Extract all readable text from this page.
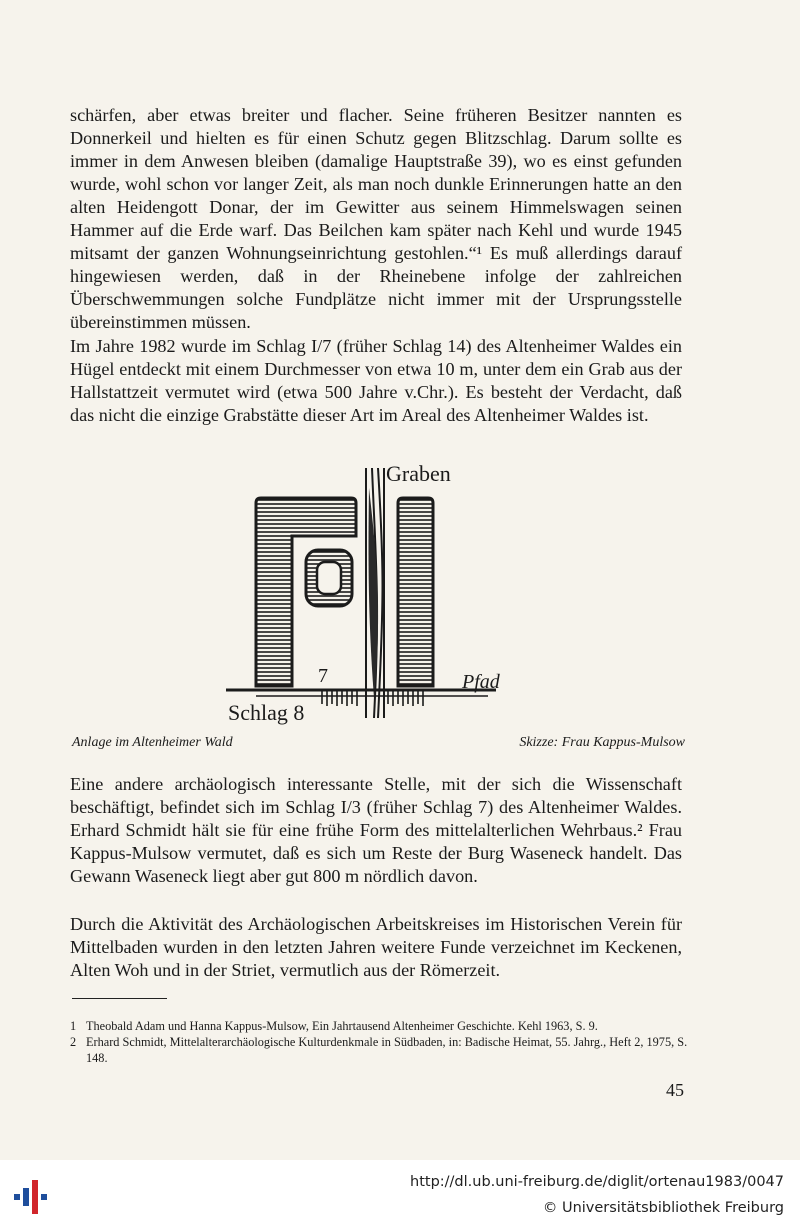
schärfen, aber etwas breiter und flacher. Seine früheren Besitzer nannten es Donnerkeil und hielten es für einen Schutz gegen Blitzschlag. Darum sollte es immer in dem Anwesen bleiben (damalige Hauptstraße 39), wo es einst gefunden wurde, wohl schon vor langer Zeit, als man noch dunkle Erinnerungen hatte an den alten Heidengott Donar, der im Gewitter aus seinem Himmelswagen seinen Hammer auf die Erde warf. Das Beilchen kam später nach Kehl und wurde 1945 mitsamt der ganzen Wohnungseinrichtung gestohlen.“¹ Es muß allerdings darauf hingewiesen werden, daß in der Rheinebene infolge der zahlreichen Überschwemmungen solche Fundplätze nicht immer mit der Ursprungsstelle übereinstimmen müssen.

Im Jahre 1982 wurde im Schlag I/7 (früher Schlag 14) des Altenheimer Waldes ein Hügel entdeckt mit einem Durchmesser von etwa 10 m, unter dem ein Grab aus der Hallstattzeit vermutet wird (etwa 500 Jahre v.Chr.). Es besteht der Verdacht, daß das nicht die einzige Grabstätte dieser Art im Areal des Altenheimer Waldes ist.

Graben
Pfad
Schlag 8
7
Anlage im Altenheimer Wald	Skizze: Frau Kappus-Mulsow

Eine andere archäologisch interessante Stelle, mit der sich die Wissenschaft beschäftigt, befindet sich im Schlag I/3 (früher Schlag 7) des Altenheimer Waldes. Erhard Schmidt hält sie für eine frühe Form des mittelalterlichen Wehrbaus.² Frau Kappus-Mulsow vermutet, daß es sich um Reste der Burg Waseneck handelt. Das Gewann Waseneck liegt aber gut 800 m nördlich davon.

Durch die Aktivität des Archäologischen Arbeitskreises im Historischen Verein für Mittelbaden wurden in den letzten Jahren weitere Funde verzeichnet im Keckenen, Alten Woh und in der Striet, vermutlich aus der Römerzeit.

1 Theobald Adam und Hanna Kappus-Mulsow, Ein Jahrtausend Altenheimer Geschichte. Kehl 1963, S. 9.
2 Erhard Schmidt, Mittelalterarchäologische Kulturdenkmale in Südbaden, in: Badische Heimat, 55. Jahrg., Heft 2, 1975, S. 148.
45
http://dl.ub.uni-freiburg.de/diglit/ortenau1983/0047
© Universitätsbibliothek Freiburg
